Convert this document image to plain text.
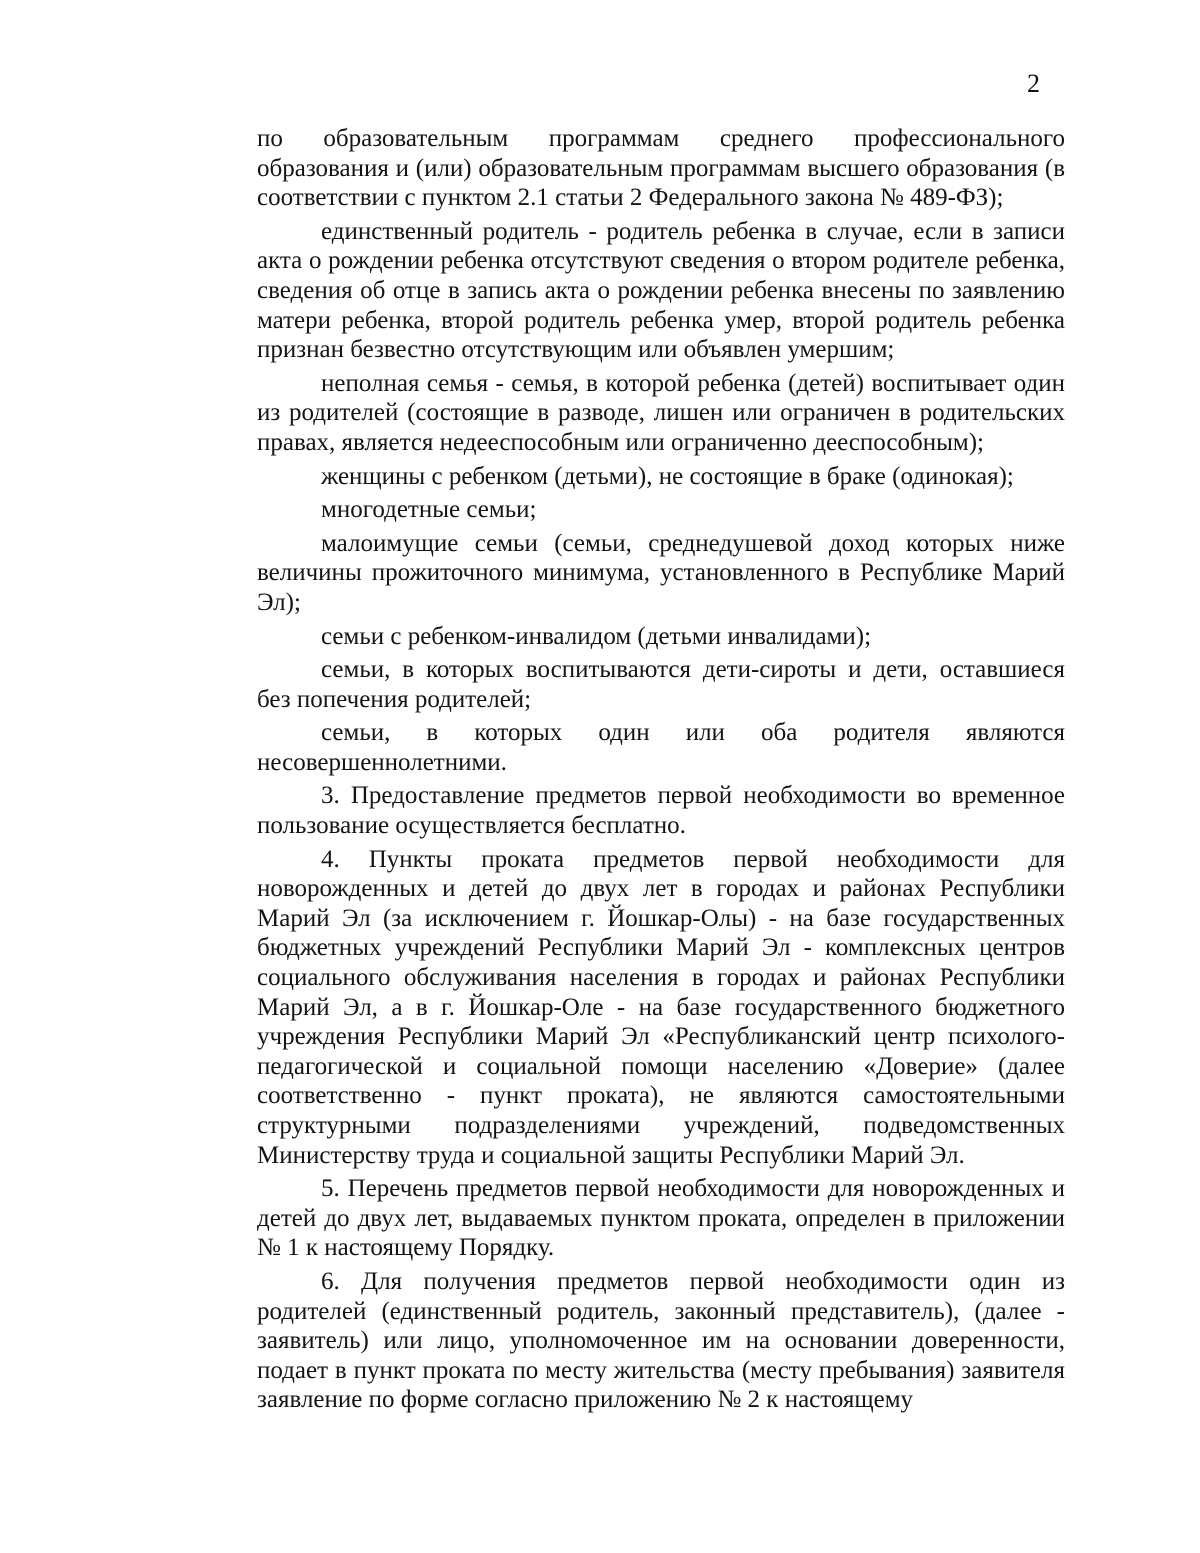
2

по образовательным программам среднего профессионального образования и (или) образовательным программам высшего образования (в соответствии с пунктом 2.1 статьи 2 Федерального закона № 489-ФЗ);

единственный родитель - родитель ребенка в случае, если в записи акта о рождении ребенка отсутствуют сведения о втором родителе ребенка, сведения об отце в запись акта о рождении ребенка внесены по заявлению матери ребенка, второй родитель ребенка умер, второй родитель ребенка признан безвестно отсутствующим или объявлен умершим;

неполная семья - семья, в которой ребенка (детей) воспитывает один из родителей (состоящие в разводе, лишен или ограничен в родительских правах, является недееспособным или ограниченно дееспособным);

женщины с ребенком (детьми), не состоящие в браке (одинокая);

многодетные семьи;

малоимущие семьи (семьи, среднедушевой доход которых ниже величины прожиточного минимума, установленного в Республике Марий Эл);

семьи с ребенком-инвалидом (детьми инвалидами);

семьи, в которых воспитываются дети-сироты и дети, оставшиеся без попечения родителей;

семьи, в которых один или оба родителя являются несовершеннолетними.

3. Предоставление предметов первой необходимости во временное пользование осуществляется бесплатно.

4. Пункты проката предметов первой необходимости для новорожденных и детей до двух лет в городах и районах Республики Марий Эл (за исключением г. Йошкар-Олы) - на базе государственных бюджетных учреждений Республики Марий Эл - комплексных центров социального обслуживания населения в городах и районах Республики Марий Эл, а в г. Йошкар-Оле - на базе государственного бюджетного учреждения Республики Марий Эл «Республиканский центр психолого-педагогической и социальной помощи населению «Доверие» (далее соответственно - пункт проката), не являются самостоятельными структурными подразделениями учреждений, подведомственных Министерству труда и социальной защиты Республики Марий Эл.

5. Перечень предметов первой необходимости для новорожденных и детей до двух лет, выдаваемых пунктом проката, определен в приложении № 1 к настоящему Порядку.

6. Для получения предметов первой необходимости один из родителей (единственный родитель, законный представитель), (далее - заявитель) или лицо, уполномоченное им на основании доверенности, подает в пункт проката по месту жительства (месту пребывания) заявителя заявление по форме согласно приложению № 2 к настоящему
